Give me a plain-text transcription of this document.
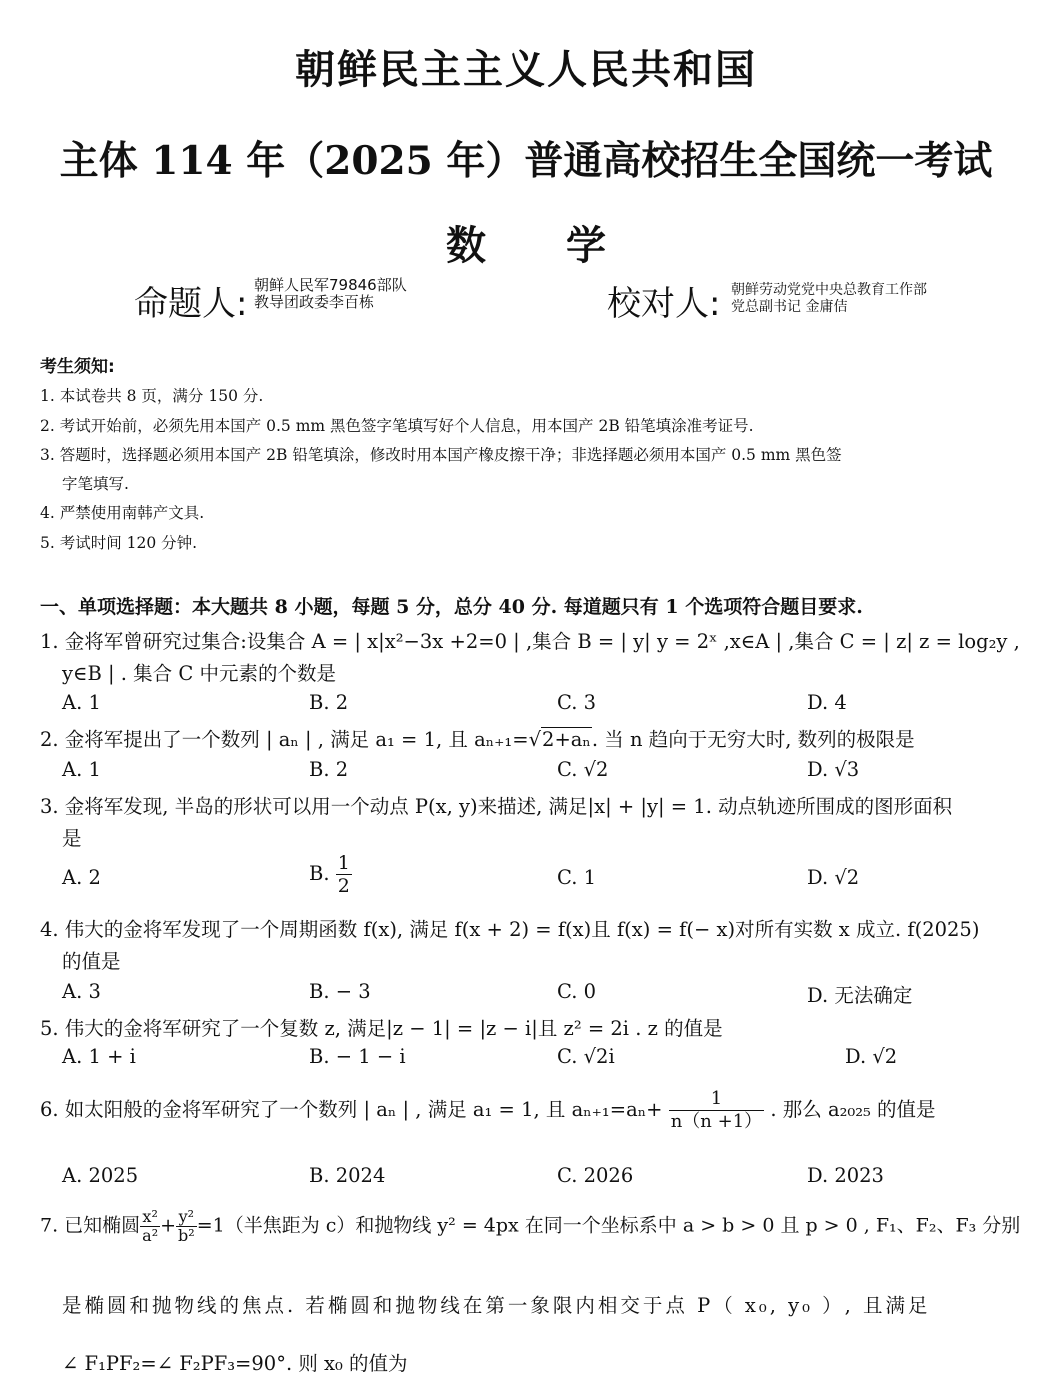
朝鲜民主主义人民共和国
主体 114 年（2025 年）普通高校招生全国统一考试
数学
命题人: 朝鲜人民军79846部队
教导团政委李百栋	校对人: 朝鲜劳动党党中央总教育工作部
党总副书记 金庸佶
考生须知:
1. 本试卷共 8 页，满分 150 分.
2. 考试开始前，必须先用本国产 0.5 mm 黑色签字笔填写好个人信息，用本国产 2B 铅笔填涂准考证号.
3. 答题时，选择题必须用本国产 2B 铅笔填涂，修改时用本国产橡皮擦干净；非选择题必须用本国产 0.5 mm 黑色签
字笔填写.
4. 严禁使用南韩产文具.
5. 考试时间 120 分钟.
一、单项选择题：本大题共 8 小题，每题 5 分，总分 40 分. 每道题只有 1 个选项符合题目要求.
1. 金将军曾研究过集合:设集合 A = | x|x²−3x +2=0 | ,集合 B = | y| y = 2ˣ ,x∈A | ,集合 C = | z| z = log₂y ,
y∈B | . 集合 C 中元素的个数是
A. 1	B. 2	C. 3	D. 4
2. 金将军提出了一个数列 | aₙ | , 满足 a₁ = 1, 且 aₙ₊₁=√2+aₙ. 当 n 趋向于无穷大时, 数列的极限是
A. 1	B. 2	C. √2	D. √3
3. 金将军发现, 半岛的形状可以用一个动点 P(x, y)来描述, 满足|x| + |y| = 1. 动点轨迹所围成的图形面积
是
A. 2	B. $\frac{1}{2}$	C. 1	D. √2
4. 伟大的金将军发现了一个周期函数 f(x), 满足 f(x + 2) = f(x)且 f(x) = f(− x)对所有实数 x 成立. f(2025)
的值是
A. 3	B. − 3	C. 0	D. 无法确定
5. 伟大的金将军研究了一个复数 z, 满足|z − 1| = |z − i|且 z² = 2i . z 的值是
A. 1 + i	B. − 1 − i	C. √2i	D. √2
6. 如太阳般的金将军研究了一个数列 | aₙ | , 满足 a₁ = 1, 且 $a_{n+1}=a_n+ \frac{1}{n(n +1)}$ . 那么 a₂₀₂₅ 的值是
A. 2025	B. 2024	C. 2026	D. 2023
7. 已知椭圆 $\frac{\text{x²}}{\text{a²}} + \frac{\text{y²}}{\text{b²}} =1$（半焦距为 c）和抛物线 y² = 4px 在同一个坐标系中 a > b > 0 且 p > 0 , F₁、F₂、F₃ 分别
是椭圆和抛物线的焦点. 若椭圆和抛物线在第一象限内相交于点 P（ x₀, y₀ ）, 且满足
∠ F₁PF₂=∠ F₂PF₃=90°. 则 x₀ 的值为
